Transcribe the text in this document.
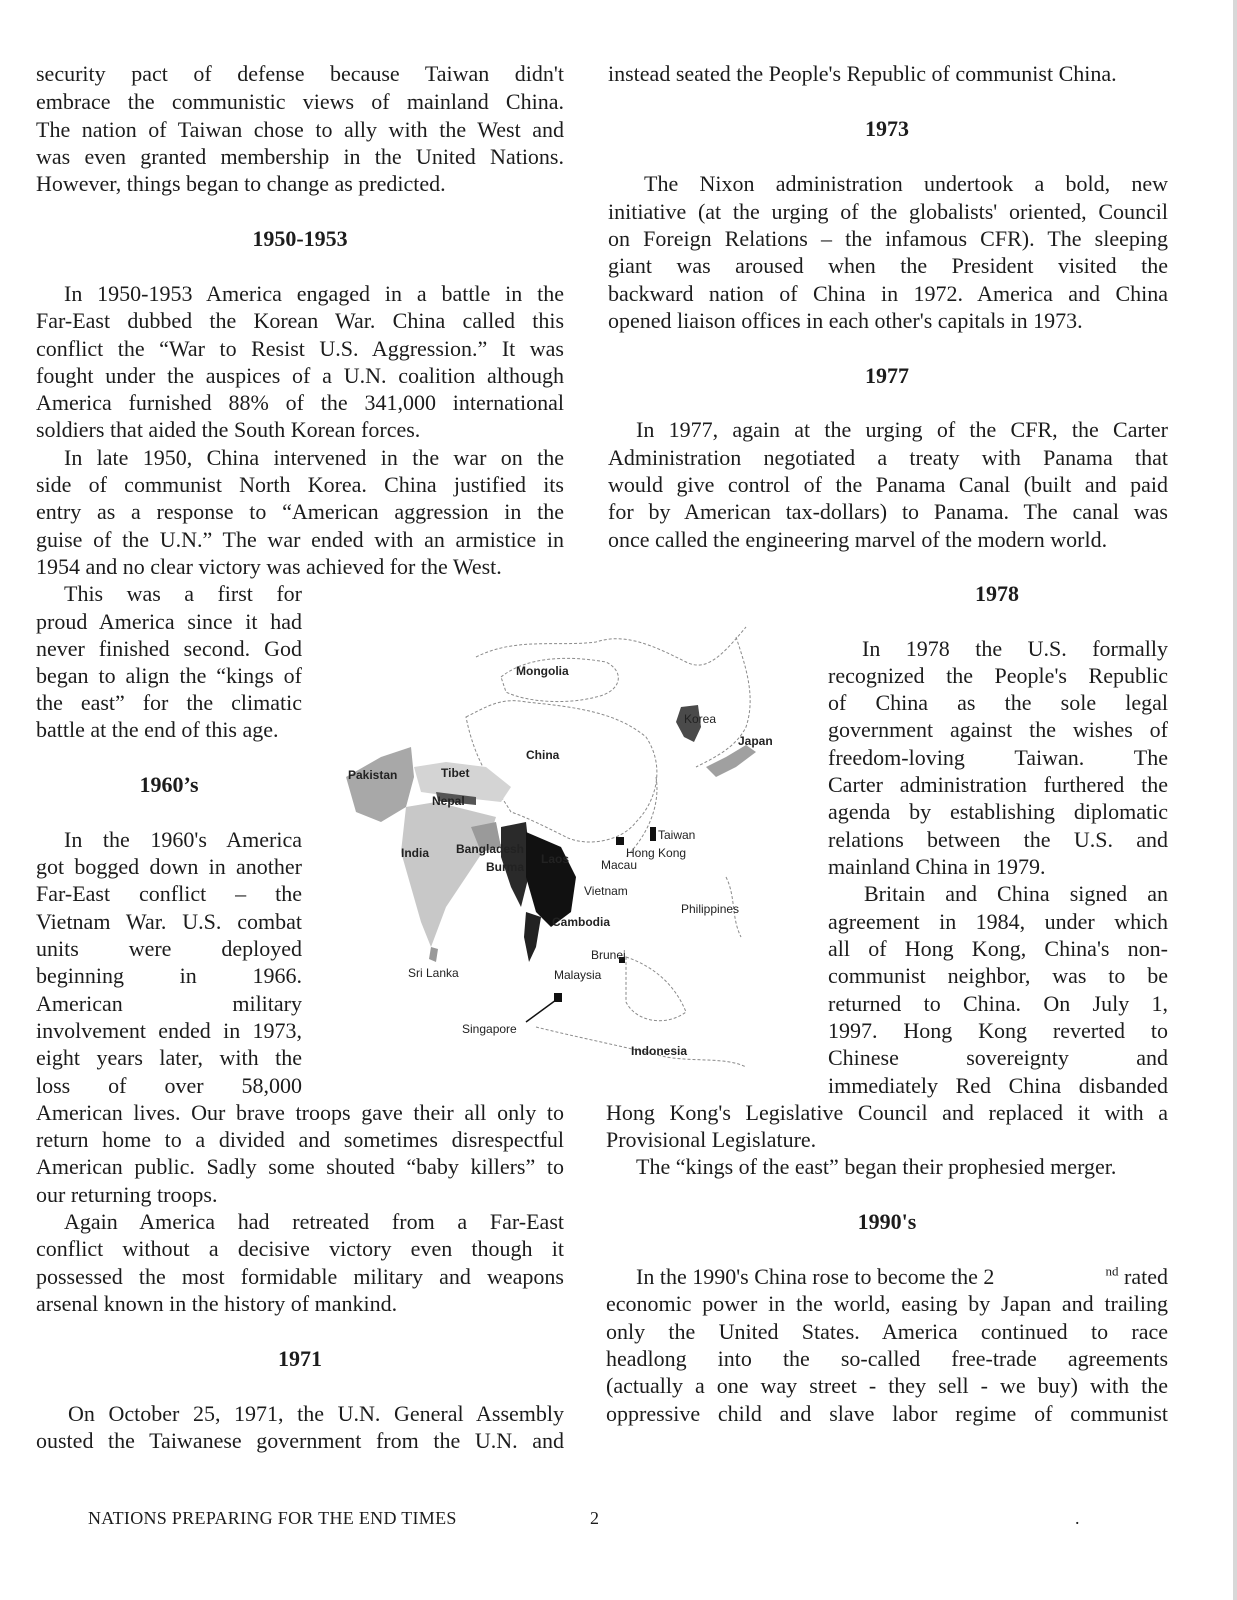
security pact of defense because Taiwan didn't
embrace the communistic views of mainland China.
The nation of Taiwan chose to ally with the West and
was even granted membership in the United Nations.
However, things began to change as predicted.
1950-1953
In 1950-1953 America engaged in a battle in the
Far-East dubbed the Korean War. China called this
conflict the “War to Resist U.S. Aggression.” It was
fought under the auspices of a U.N. coalition although
America furnished 88% of the 341,000 international
soldiers that aided the South Korean forces.
In late 1950, China intervened in the war on the
side of communist North Korea. China justified its
entry as a response to “American aggression in the
guise of the U.N.” The war ended with an armistice in
1954 and no clear victory was achieved for the West.
This was a first for
proud America since it had
never finished second. God
began to align the “kings of
the east” for the climatic
battle at the end of this age.
1960’s
In the 1960's America
got bogged down in another
Far-East conflict – the
Vietnam War. U.S. combat
units were deployed
beginning in 1966.
American military
involvement ended in 1973,
eight years later, with the
loss of over 58,000
American lives. Our brave troops gave their all only to
return home to a divided and sometimes disrespectful
American public. Sadly some shouted “baby killers” to
our returning troops.
Again America had retreated from a Far-East
conflict without a decisive victory even though it
possessed the most formidable military and weapons
arsenal known in the history of mankind.
1971
On October 25, 1971, the U.N. General Assembly
ousted the Taiwanese government from the U.N. and
instead seated the People's Republic of communist China.
1973
The Nixon administration undertook a bold, new
initiative (at the urging of the globalists' oriented, Council
on Foreign Relations – the infamous CFR). The sleeping
giant was aroused when the President visited the
backward nation of China in 1972. America and China
opened liaison offices in each other's capitals in 1973.
1977
In 1977, again at the urging of the CFR, the Carter
Administration negotiated a treaty with Panama that
would give control of the Panama Canal (built and paid
for by American tax-dollars) to Panama. The canal was
once called the engineering marvel of the modern world.
1978
In 1978 the U.S. formally
recognized the People's Republic
of China as the sole legal
government against the wishes of
freedom-loving Taiwan. The
Carter administration furthered the
agenda by establishing diplomatic
relations between the U.S. and
mainland China in 1979.
Britain and China signed an
agreement in 1984, under which
all of Hong Kong, China's non-
communist neighbor, was to be
returned to China. On July 1,
1997. Hong Kong reverted to
Chinese sovereignty and
immediately Red China disbanded
Hong Kong's Legislative Council and replaced it with a
Provisional Legislature.
The “kings of the east” began their prophesied merger.
1990's
In the 1990's China rose to become the 2	$^{nd}$ rated
economic power in the world, easing by Japan and trailing
only the United States. America continued to race
headlong into the so-called free-trade agreements
(actually a one way street - they sell - we buy) with the
oppressive child and slave labor regime of communist
Mongolia
Korea
Japan
China
Pakistan	Tibet
Nepal
India Bangladesh
Burma
Laos
Taiwan
Hong Kong
Macau
Vietnam
Philippines
Cambodia
Brunei
Sri Lanka	Malaysia
Singapore
Indonesia
NATIONS PREPARING FOR THE END TIMES	2	.
